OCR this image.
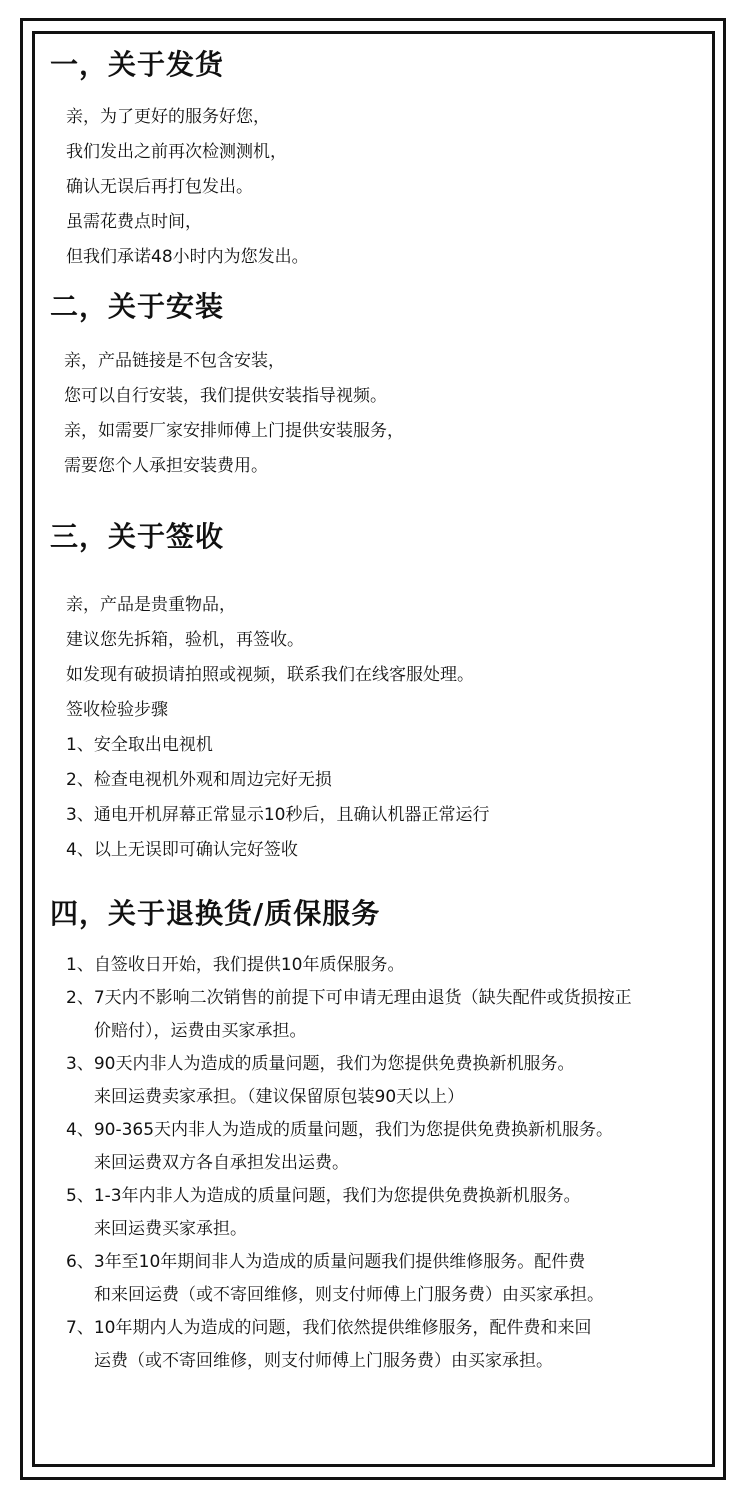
一，关于发货
亲，为了更好的服务好您，
我们发出之前再次检测测机，
确认无误后再打包发出。
虽需花费点时间，
但我们承诺48小时内为您发出。
二，关于安装
亲，产品链接是不包含安装，
您可以自行安装，我们提供安装指导视频。
亲，如需要厂家安排师傅上门提供安装服务，
需要您个人承担安装费用。
三，关于签收
亲，产品是贵重物品，
建议您先拆箱，验机，再签收。
如发现有破损请拍照或视频，联系我们在线客服处理。
签收检验步骤
1、安全取出电视机
2、检查电视机外观和周边完好无损
3、通电开机屏幕正常显示10秒后，且确认机器正常运行
4、以上无误即可确认完好签收
四，关于退换货/质保服务
1、自签收日开始，我们提供10年质保服务。
2、7天内不影响二次销售的前提下可申请无理由退货（缺失配件或货损按正
价赔付），运费由买家承担。
3、90天内非人为造成的质量问题，我们为您提供免费换新机服务。
来回运费卖家承担。（建议保留原包装90天以上）
4、90-365天内非人为造成的质量问题，我们为您提供免费换新机服务。
来回运费双方各自承担发出运费。
5、1-3年内非人为造成的质量问题，我们为您提供免费换新机服务。
来回运费买家承担。
6、3年至10年期间非人为造成的质量问题我们提供维修服务。配件费
和来回运费（或不寄回维修，则支付师傅上门服务费）由买家承担。
7、10年期内人为造成的问题，我们依然提供维修服务，配件费和来回
运费（或不寄回维修，则支付师傅上门服务费）由买家承担。
